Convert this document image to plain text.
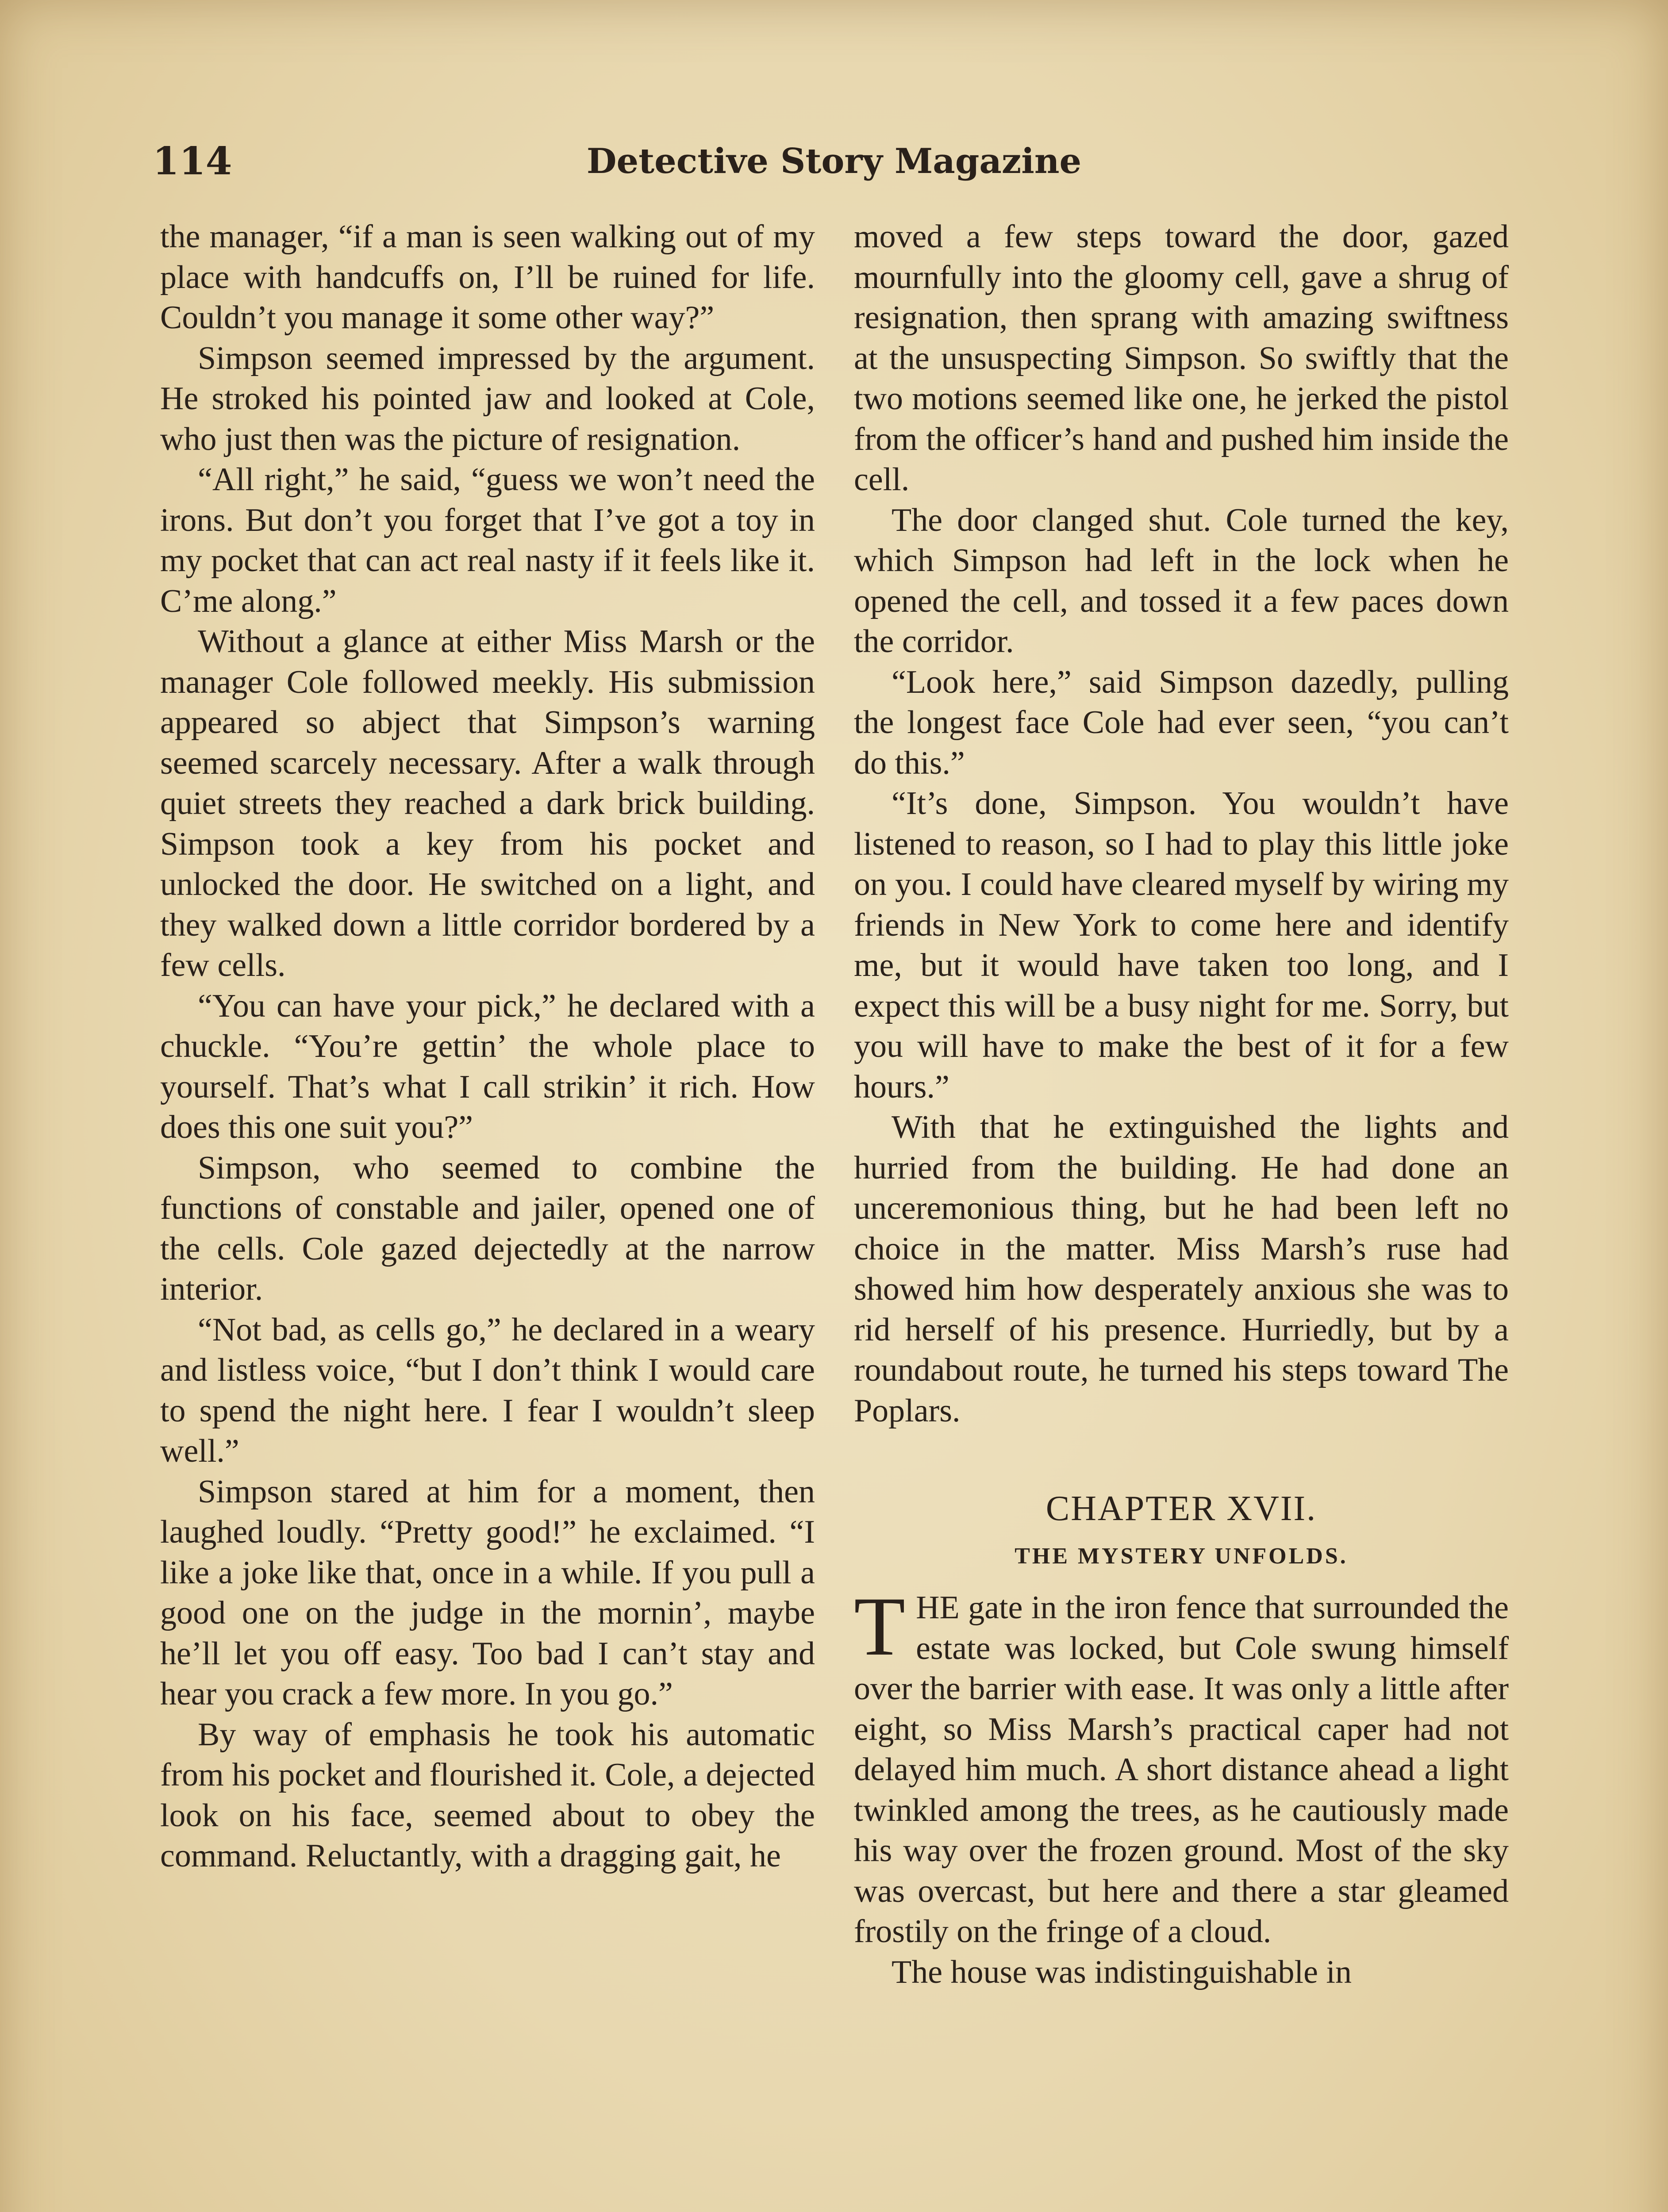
114	Detective Story Magazine

the manager, “if a man is seen walking out of my place with handcuffs on, I’ll be ruined for life. Couldn’t you manage it some other way?”

Simpson seemed impressed by the argument. He stroked his pointed jaw and looked at Cole, who just then was the picture of resignation.

“All right,” he said, “guess we won’t need the irons. But don’t you forget that I’ve got a toy in my pocket that can act real nasty if it feels like it. C’me along.”

Without a glance at either Miss Marsh or the manager Cole followed meekly. His submission appeared so abject that Simpson’s warning seemed scarcely necessary. After a walk through quiet streets they reached a dark brick building. Simpson took a key from his pocket and unlocked the door. He switched on a light, and they walked down a little corridor bordered by a few cells.

“You can have your pick,” he declared with a chuckle. “You’re gettin’ the whole place to yourself. That’s what I call strikin’ it rich. How does this one suit you?”

Simpson, who seemed to combine the functions of constable and jailer, opened one of the cells. Cole gazed dejectedly at the narrow interior.

“Not bad, as cells go,” he declared in a weary and listless voice, “but I don’t think I would care to spend the night here. I fear I wouldn’t sleep well.”

Simpson stared at him for a moment, then laughed loudly. “Pretty good!” he exclaimed. “I like a joke like that, once in a while. If you pull a good one on the judge in the mornin’, maybe he’ll let you off easy. Too bad I can’t stay and hear you crack a few more. In you go.”

By way of emphasis he took his automatic from his pocket and flourished it. Cole, a dejected look on his face, seemed about to obey the command. Reluctantly, with a dragging gait, he

moved a few steps toward the door, gazed mournfully into the gloomy cell, gave a shrug of resignation, then sprang with amazing swiftness at the unsuspecting Simpson. So swiftly that the two motions seemed like one, he jerked the pistol from the officer’s hand and pushed him inside the cell.

The door clanged shut. Cole turned the key, which Simpson had left in the lock when he opened the cell, and tossed it a few paces down the corridor.

“Look here,” said Simpson dazedly, pulling the longest face Cole had ever seen, “you can’t do this.”

“It’s done, Simpson. You wouldn’t have listened to reason, so I had to play this little joke on you. I could have cleared myself by wiring my friends in New York to come here and identify me, but it would have taken too long, and I expect this will be a busy night for me. Sorry, but you will have to make the best of it for a few hours.”

With that he extinguished the lights and hurried from the building. He had done an unceremonious thing, but he had been left no choice in the matter. Miss Marsh’s ruse had showed him how desperately anxious she was to rid herself of his presence. Hurriedly, but by a roundabout route, he turned his steps toward The Poplars.

CHAPTER XVII.
THE MYSTERY UNFOLDS.

THE gate in the iron fence that surrounded the estate was locked, but Cole swung himself over the barrier with ease. It was only a little after eight, so Miss Marsh’s practical caper had not delayed him much. A short distance ahead a light twinkled among the trees, as he cautiously made his way over the frozen ground. Most of the sky was overcast, but here and there a star gleamed frostily on the fringe of a cloud.

The house was indistinguishable in
